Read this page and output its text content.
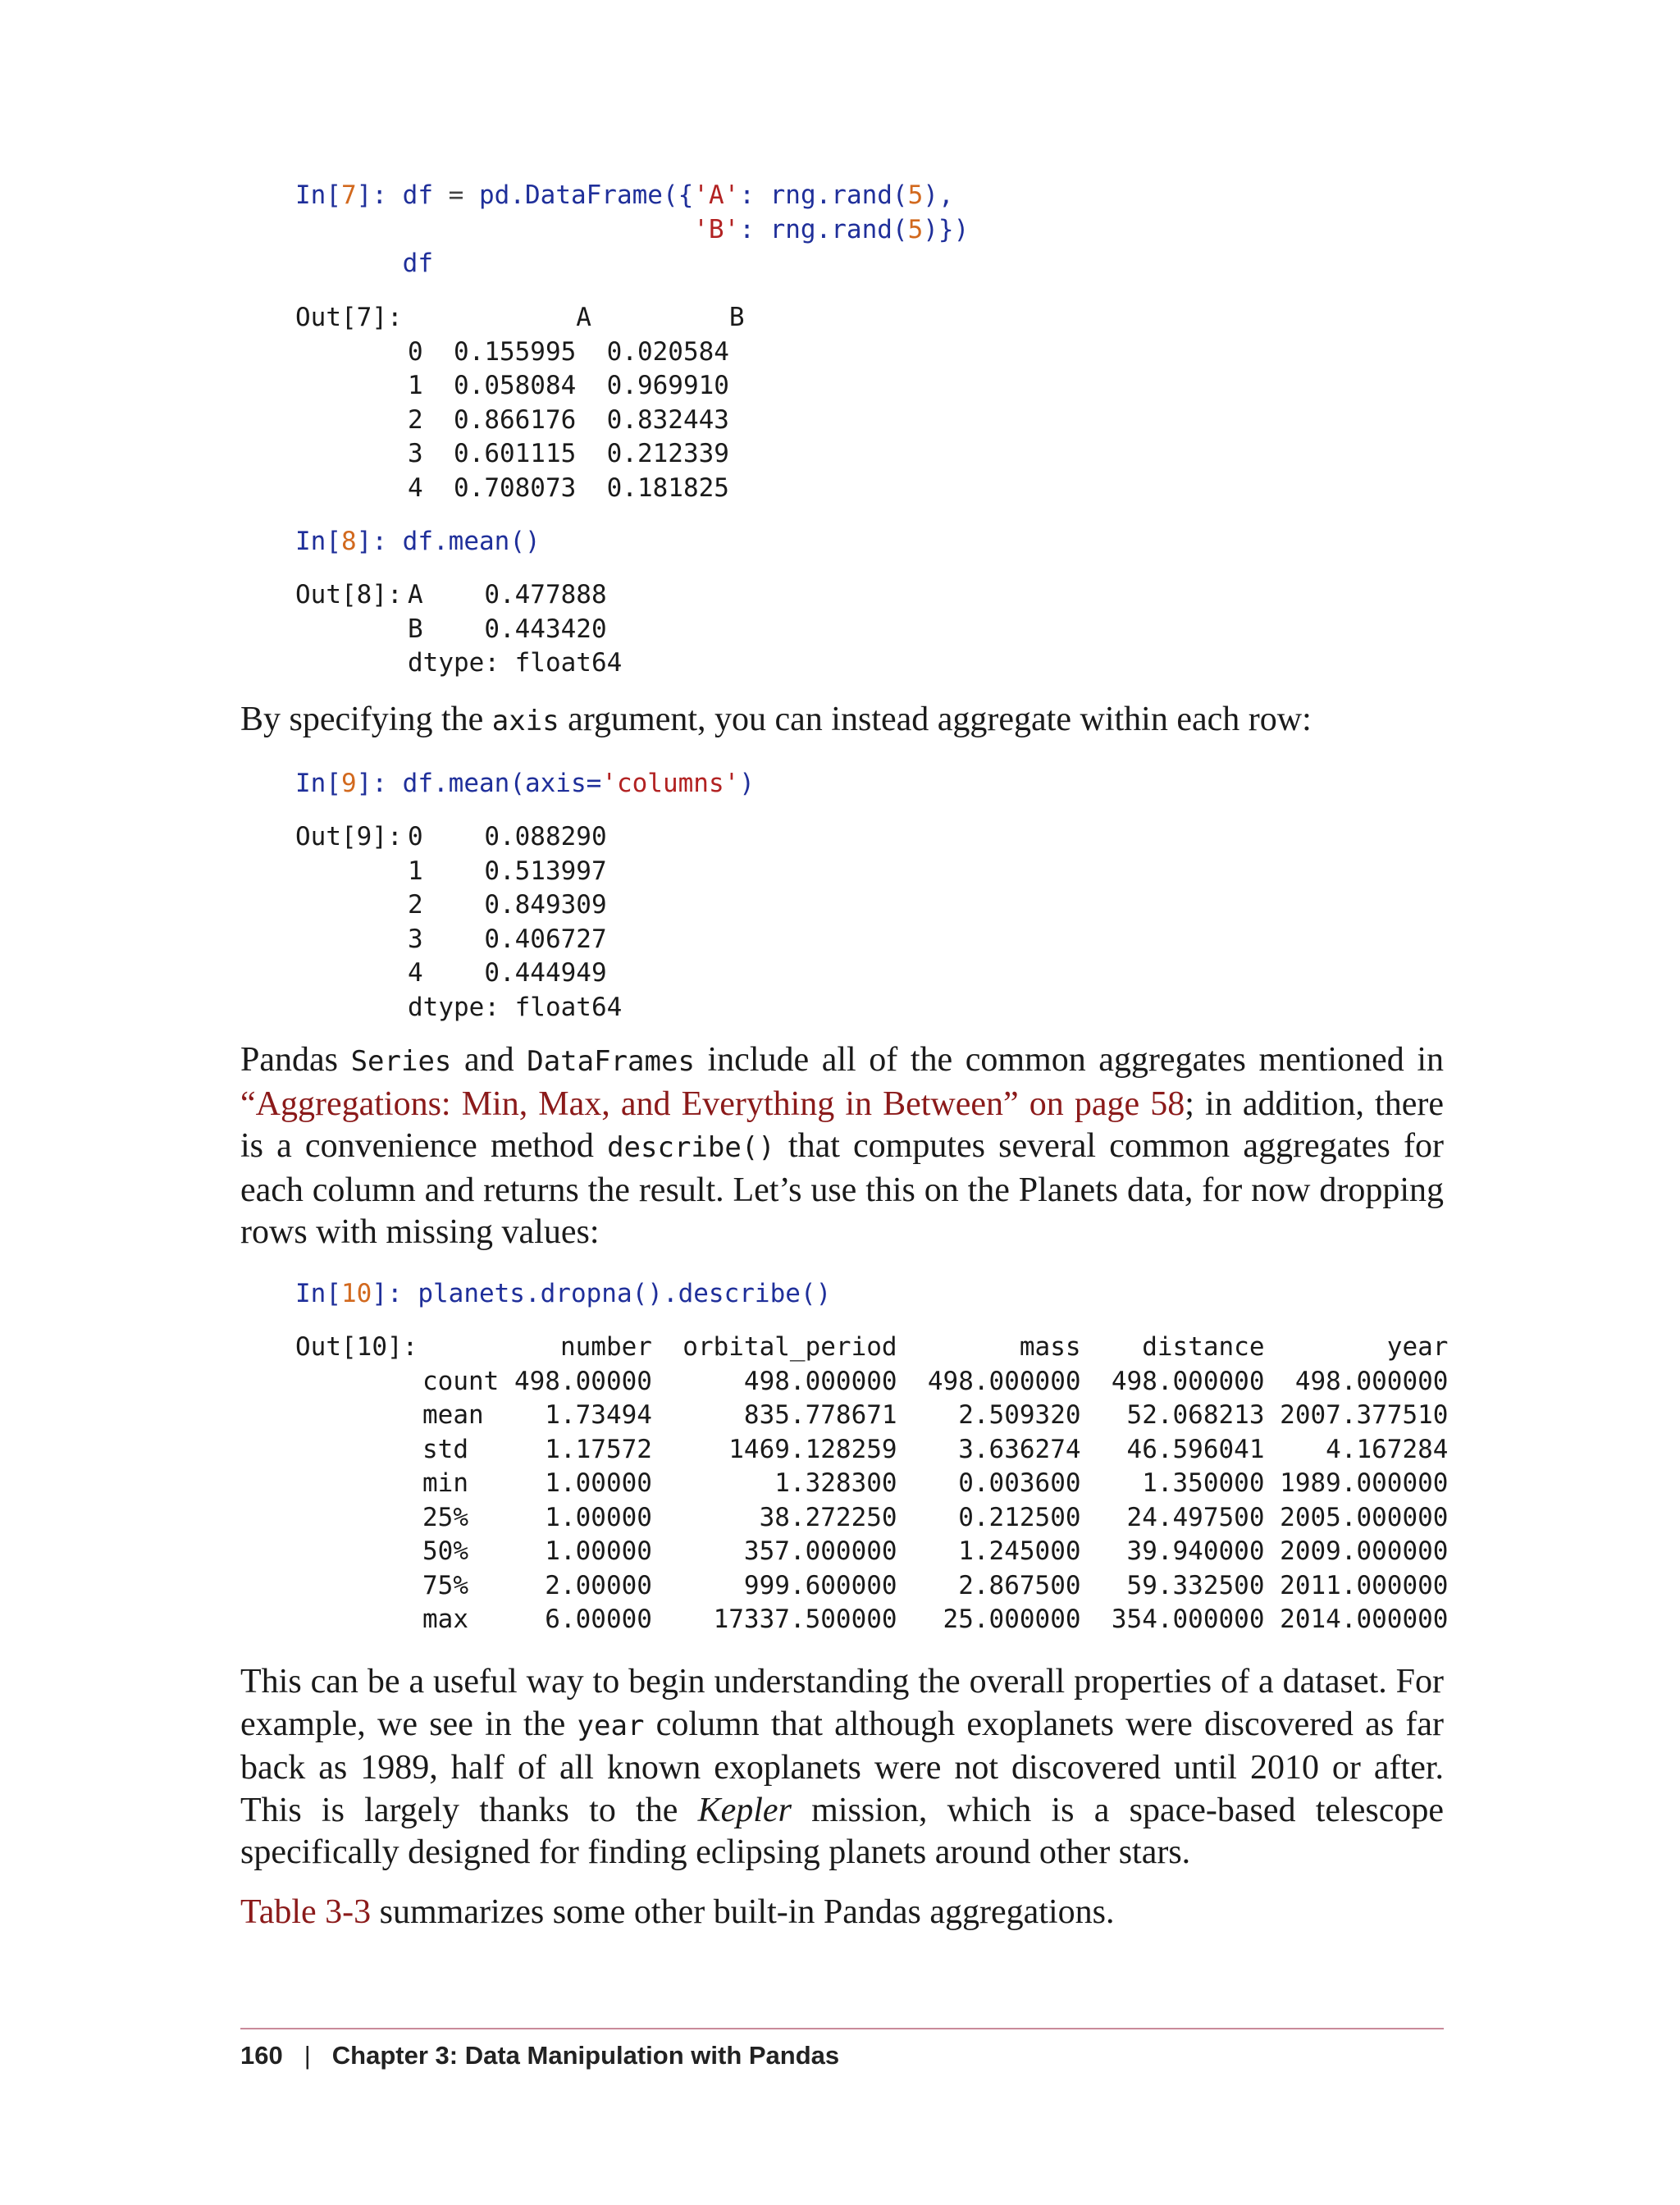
In[7]: df = pd.DataFrame({'A': rng.rand(5),
'B': rng.rand(5)})
df
Out[7]: A         B
0  0.155995  0.020584
1  0.058084  0.969910
2  0.866176  0.832443
3  0.601115  0.212339
4  0.708073  0.181825
In[8]: df.mean()
Out[8]: A    0.477888
B    0.443420
dtype: float64

By specifying the axis argument, you can instead aggregate within each row:

In[9]: df.mean(axis='columns')
Out[9]: 0    0.088290
1    0.513997
2    0.849309
3    0.406727
4    0.444949
dtype: float64

Pandas Series and DataFrames include all of the common aggregates mentioned in “Aggregations: Min, Max, and Everything in Between” on page 58; in addition, there is a convenience method describe() that computes several common aggregates for each column and returns the result. Let’s use this on the Planets data, for now dropping rows with missing values:

In[10]: planets.dropna().describe()
Out[10]: number  orbital_period        mass    distance        year
count 498.00000      498.000000  498.000000  498.000000  498.000000
mean    1.73494      835.778671    2.509320   52.068213 2007.377510
std     1.17572     1469.128259    3.636274   46.596041    4.167284
min     1.00000        1.328300    0.003600    1.350000 1989.000000
25%     1.00000       38.272250    0.212500   24.497500 2005.000000
50%     1.00000      357.000000    1.245000   39.940000 2009.000000
75%     2.00000      999.600000    2.867500   59.332500 2011.000000
max     6.00000    17337.500000   25.000000  354.000000 2014.000000

This can be a useful way to begin understanding the overall properties of a dataset. For example, we see in the year column that although exoplanets were discovered as far back as 1989, half of all known exoplanets were not discovered until 2010 or after. This is largely thanks to the Kepler mission, which is a space-based telescope specifically designed for finding eclipsing planets around other stars.

Table 3-3 summarizes some other built-in Pandas aggregations.

160 | Chapter 3: Data Manipulation with Pandas
